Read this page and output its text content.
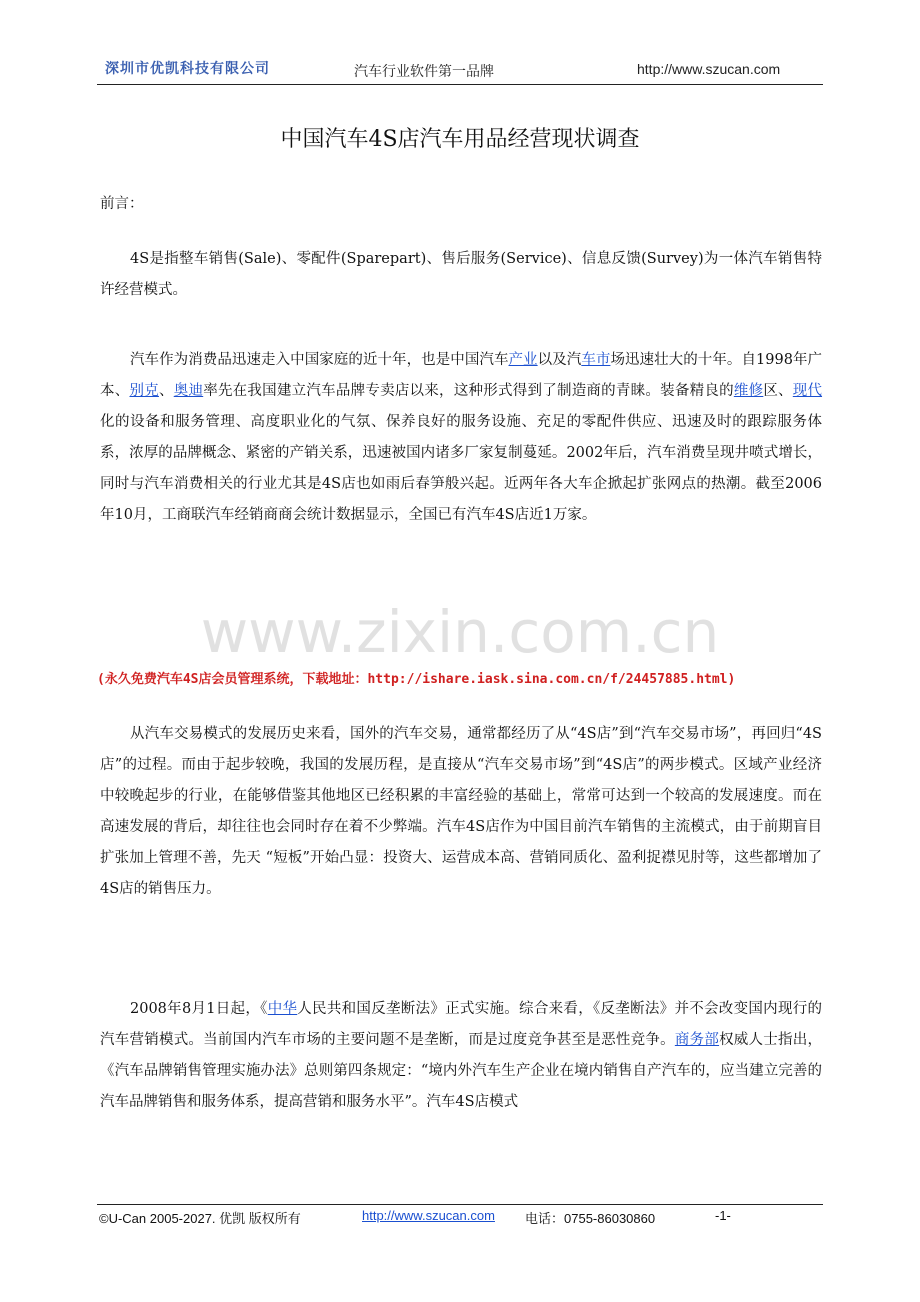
深圳市优凯科技有限公司	汽车行业软件第一品牌	http://www.szucan.com
中国汽车4S店汽车用品经营现状调查

前言：

4S是指整车销售(Sale)、零配件(Sparepart)、售后服务(Service)、信息反馈(Survey)为一体汽车销售特许经营模式。

汽车作为消费品迅速走入中国家庭的近十年，也是中国汽车产业以及汽车市场迅速壮大的十年。自1998年广本、别克、奥迪率先在我国建立汽车品牌专卖店以来，这种形式得到了制造商的青睐。装备精良的维修区、现代化的设备和服务管理、高度职业化的气氛、保养良好的服务设施、充足的零配件供应、迅速及时的跟踪服务体系，浓厚的品牌概念、紧密的产销关系，迅速被国内诸多厂家复制蔓延。2002年后，汽车消费呈现井喷式增长，同时与汽车消费相关的行业尤其是4S店也如雨后春笋般兴起。近两年各大车企掀起扩张网点的热潮。截至2006年10月，工商联汽车经销商商会统计数据显示，全国已有汽车4S店近1万家。

www.zixin.com.cn

(永久免费汽车4S店会员管理系统，下载地址：http://ishare.iask.sina.com.cn/f/24457885.html)

从汽车交易模式的发展历史来看，国外的汽车交易，通常都经历了从“4S店”到“汽车交易市场”，再回归“4S店”的过程。而由于起步较晚，我国的发展历程，是直接从“汽车交易市场”到“4S店”的两步模式。区域产业经济中较晚起步的行业，在能够借鉴其他地区已经积累的丰富经验的基础上，常常可达到一个较高的发展速度。而在高速发展的背后，却往往也会同时存在着不少弊端。汽车4S店作为中国目前汽车销售的主流模式，由于前期盲目扩张加上管理不善，先天 “短板”开始凸显：投资大、运营成本高、营销同质化、盈利捉襟见肘等，这些都增加了4S店的销售压力。

2008年8月1日起，《中华人民共和国反垄断法》正式实施。综合来看，《反垄断法》并不会改变国内现行的汽车营销模式。当前国内汽车市场的主要问题不是垄断，而是过度竞争甚至是恶性竞争。商务部权威人士指出，《汽车品牌销售管理实施办法》总则第四条规定：“境内外汽车生产企业在境内销售自产汽车的，应当建立完善的汽车品牌销售和服务体系，提高营销和服务水平”。汽车4S店模式

©U-Can 2005-2027. 优凯 版权所有	http://www.szucan.com 电话：0755-86030860	-1-
